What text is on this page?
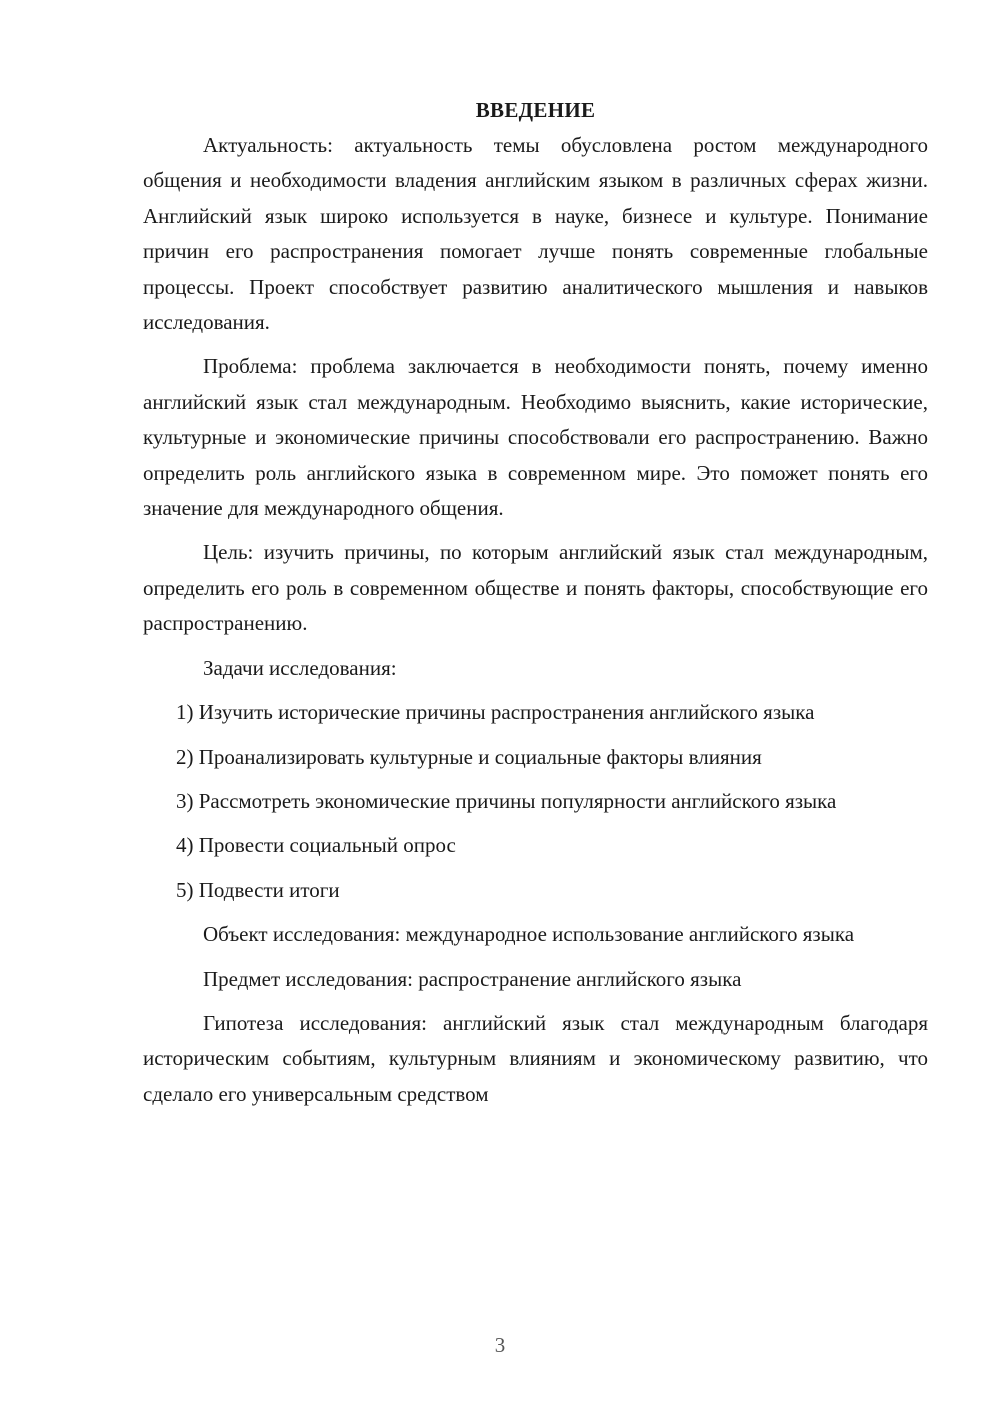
ВВЕДЕНИЕ

Актуальность: актуальность темы обусловлена ростом международного общения и необходимости владения английским языком в различных сферах жизни. Английский язык широко используется в науке, бизнесе и культуре. Понимание причин его распространения помогает лучше понять современные глобальные процессы. Проект способствует развитию аналитического мышления и навыков исследования.

Проблема: проблема заключается в необходимости понять, почему именно английский язык стал международным. Необходимо выяснить, какие исторические, культурные и экономические причины способствовали его распространению. Важно определить роль английского языка в современном мире. Это поможет понять его значение для международного общения.

Цель: изучить причины, по которым английский язык стал международным, определить его роль в современном обществе и понять факторы, способствующие его распространению.

Задачи исследования:

1) Изучить исторические причины распространения английского языка

2) Проанализировать культурные и социальные факторы влияния

3) Рассмотреть экономические причины популярности английского языка

4) Провести социальный опрос

5) Подвести итоги

Объект исследования: международное использование английского языка

Предмет исследования: распространение английского языка

Гипотеза исследования: английский язык стал международным благодаря историческим событиям, культурным влияниям и экономическому развитию, что сделало его универсальным средством

3
